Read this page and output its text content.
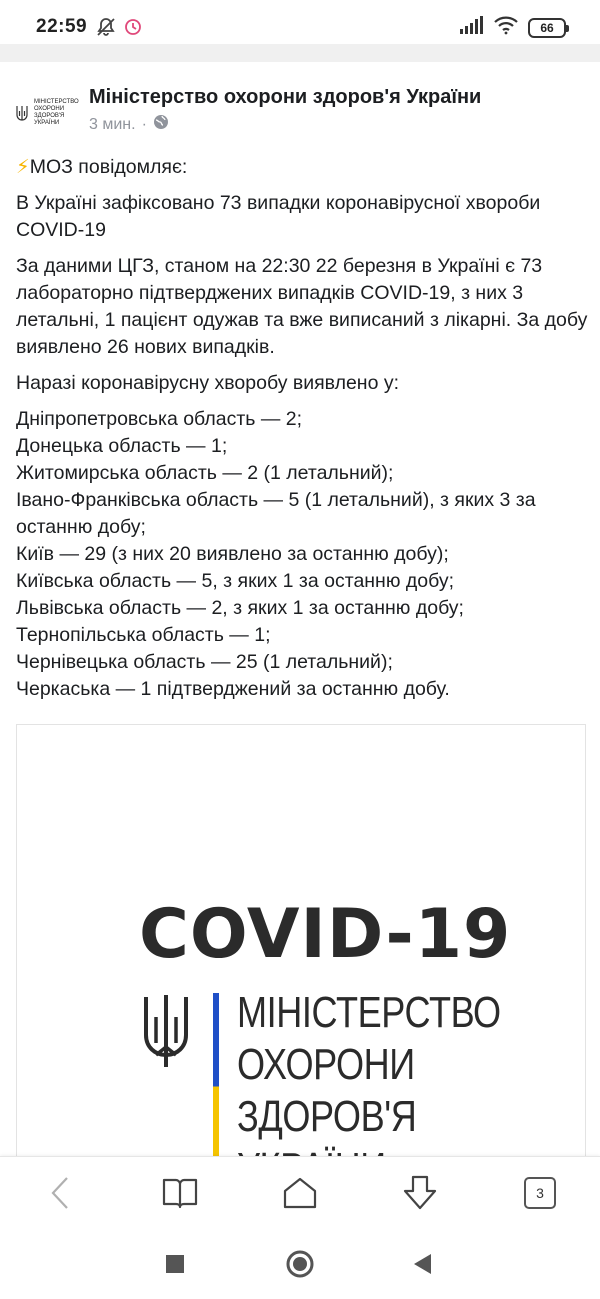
22:59	66
МІНІСТЕРСТВО
ОХОРОНИ
ЗДОРОВ'Я
УКРАЇНИ
Міністерство охорони здоров'я України
3 мин. ·

⚡МОЗ повідомляє:

В Україні зафіксовано 73 випадки коронавірусної хвороби COVID-19

За даними ЦГЗ, станом на 22:30 22 березня в Україні є 73 лабораторно підтверджених випадків COVID-19, з них 3 летальні, 1 пацієнт одужав та вже виписаний з лікарні. За добу виявлено 26 нових випадків.

Наразі коронавірусну хворобу виявлено у:

Дніпропетровська область — 2;
Донецька область — 1;
Житомирська область — 2 (1 летальний);
Івано-Франківська область — 5 (1 летальний), з яких 3 за останню добу;
Київ — 29 (з них 20 виявлено за останню добу);
Київська область — 5, з яких 1 за останню добу;
Львівська область — 2, з яких 1 за останню добу;
Тернопільська область — 1;
Чернівецька область — 25 (1 летальний);
Черкаська — 1 підтверджений за останню добу.
COVID-19
МІНІСТЕРСТВО
ОХОРОНИ
ЗДОРОВ'Я
3
